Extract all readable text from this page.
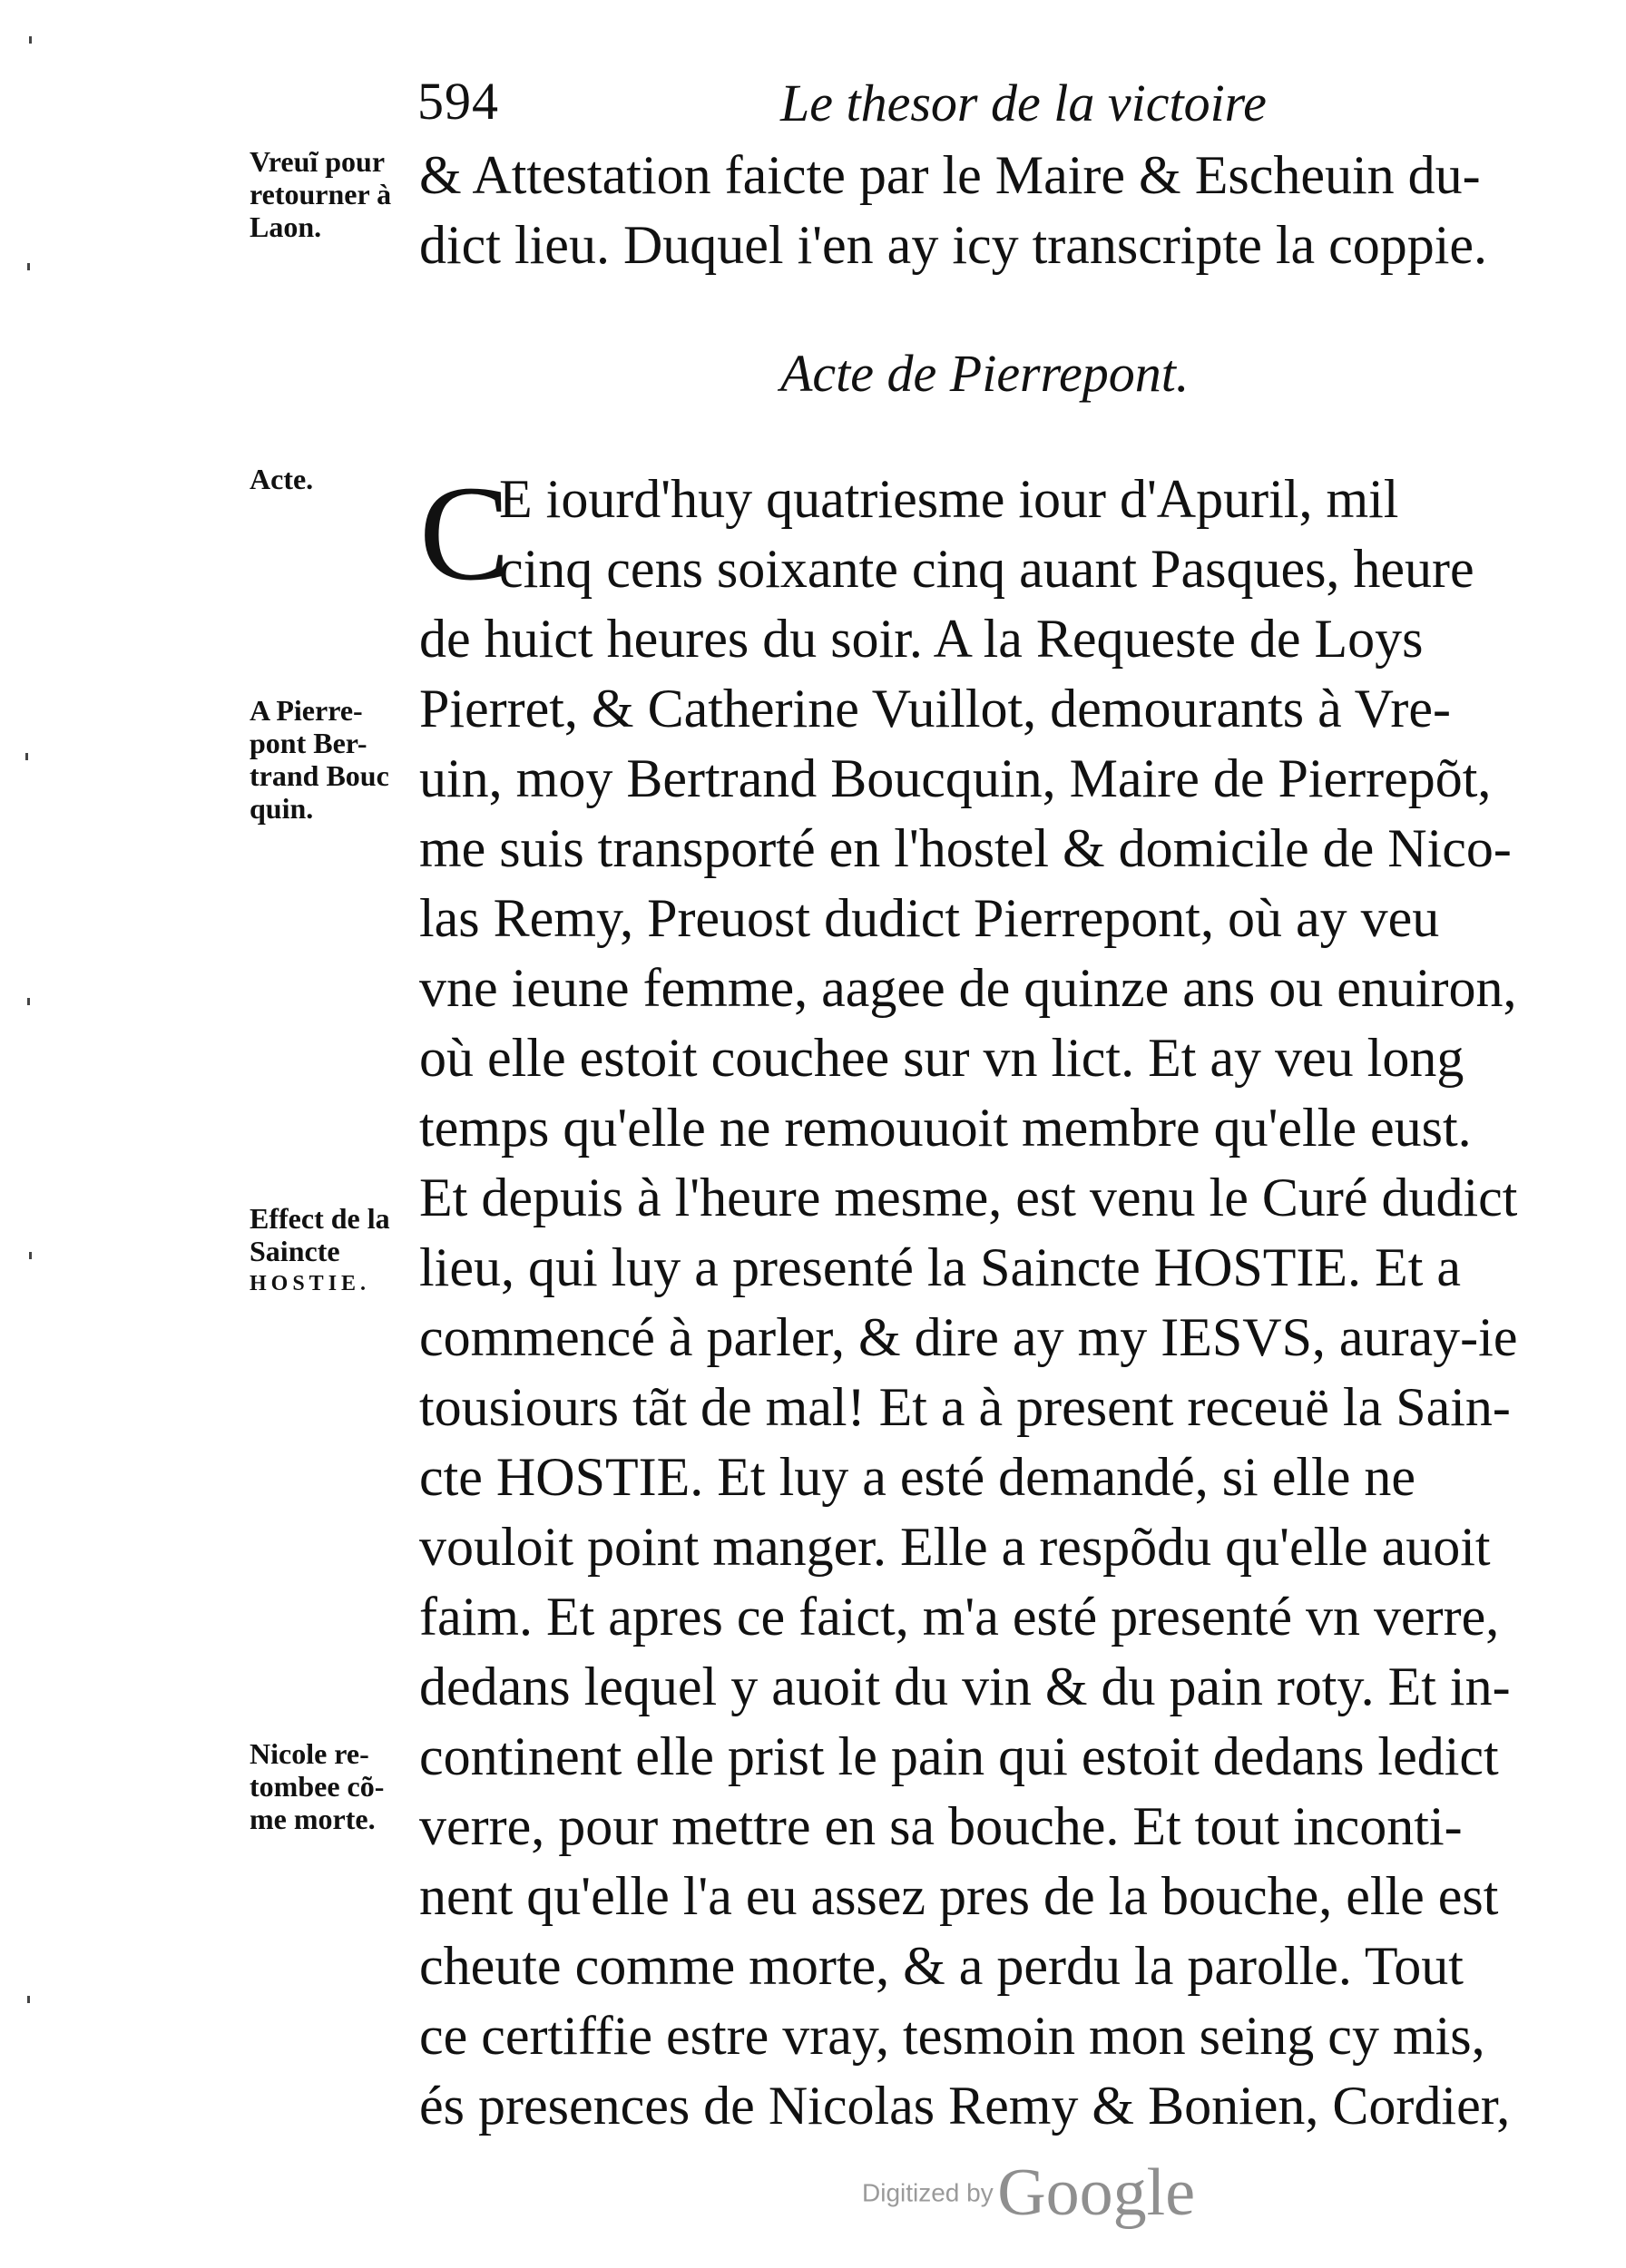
594	Le thesor de la victoire
Vreuĩ pour
retourner à
Laon.
Acte.
A Pierre-
pont Ber-
trand Bouc
quin.
Effect de la
Saincte
HOSTIE.
Nicole re-
tombee cõ-
me morte.
& Attestation faicte par le Maire & Escheuin du-
dict lieu. Duquel i'en ay icy transcripte la coppie.
Acte de Pierrepont.
C
E iourd'huy quatriesme iour d'Apuril, mil
cinq cens soixante cinq auant Pasques, heure
de huict heures du soir. A la Requeste de Loys
Pierret, & Catherine Vuillot, demourants à Vre-
uin, moy Bertrand Boucquin, Maire de Pierrepõt,
me suis transporté en l'hostel & domicile de Nico-
las Remy, Preuost dudict Pierrepont, où ay veu
vne ieune femme, aagee de quinze ans ou enuiron,
où elle estoit couchee sur vn lict. Et ay veu long
temps qu'elle ne remouuoit membre qu'elle eust.
Et depuis à l'heure mesme, est venu le Curé dudict
lieu, qui luy a presenté la Saincte HOSTIE. Et a
commencé à parler, & dire ay my IESVS, auray-ie
tousiours tãt de mal! Et a à present receuë la Sain-
cte HOSTIE. Et luy a esté demandé, si elle ne
vouloit point manger. Elle a respõdu qu'elle auoit
faim. Et apres ce faict, m'a esté presenté vn verre,
dedans lequel y auoit du vin & du pain roty. Et in-
continent elle prist le pain qui estoit dedans ledict
verre, pour mettre en sa bouche. Et tout inconti-
nent qu'elle l'a eu assez pres de la bouche, elle est
cheute comme morte, & a perdu la parolle. Tout
ce certiffie estre vray, tesmoin mon seing cy mis,
és presences de Nicolas Remy & Bonien, Cordier,
Digitized by Google
